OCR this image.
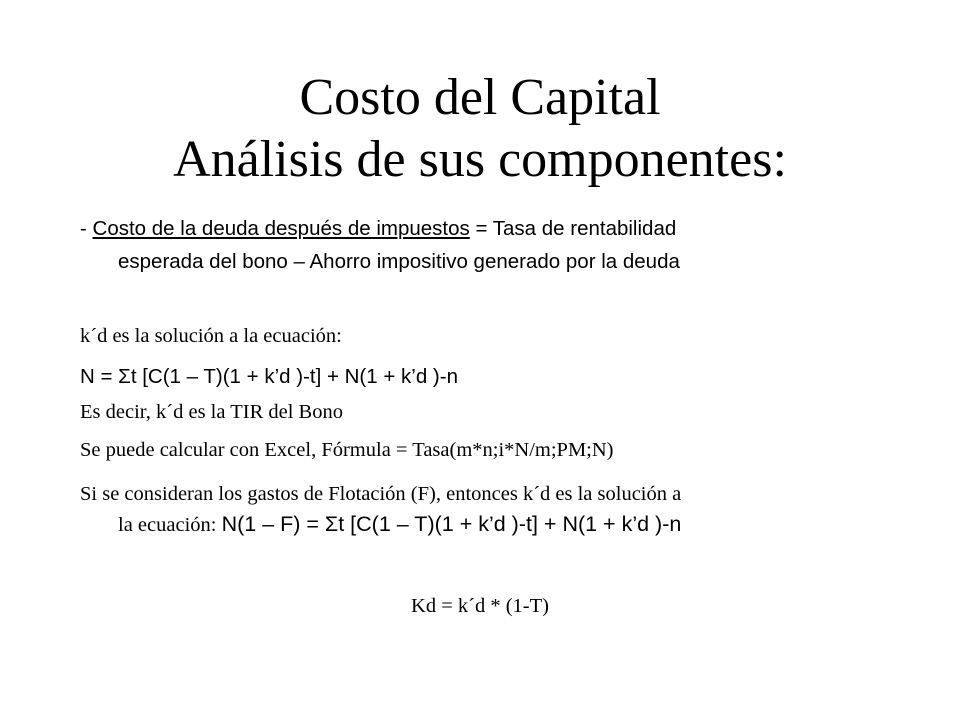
Costo del Capital
Análisis de sus componentes:

- Costo de la deuda después de impuestos = Tasa de rentabilidad

esperada del bono – Ahorro impositivo generado por la deuda

k´d es la solución a la ecuación:

N = Σt [C(1 – T)(1 + k’d )-t] + N(1 + k’d )-n

Es decir, k´d es la TIR del Bono

Se puede calcular con Excel, Fórmula = Tasa(m*n;i*N/m;PM;N)

Si se consideran los gastos de Flotación (F), entonces k´d es la solución a

la ecuación: N(1 – F) = Σt [C(1 – T)(1 + k’d )-t] + N(1 + k’d )-n

Kd = k´d * (1-T)
